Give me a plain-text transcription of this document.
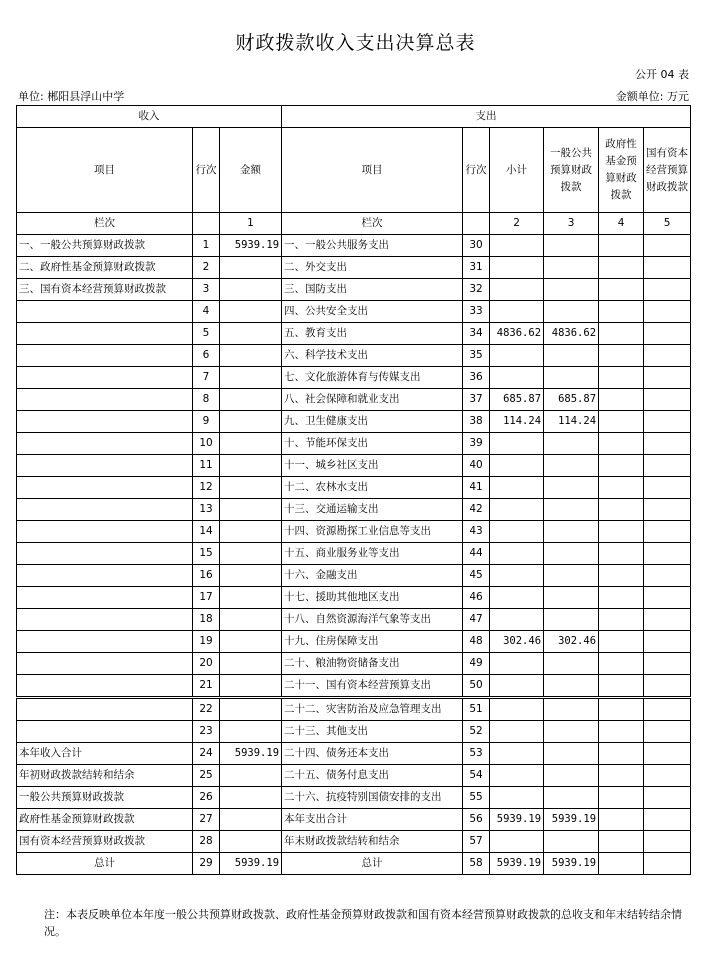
财政拨款收入支出决算总表
公开 04 表
单位: 郴阳县浮山中学	金额单位: 万元
收入			支出					
项目	行次	金额	项目	行次	小计	一般公共预算财政拨款	政府性基金预算财政拨款	国有资本经营预算财政拨款
栏次		1	栏次		2	3	4	5
一、一般公共预算财政拨款	1	5939.19	一、一般公共服务支出	30				
二、政府性基金预算财政拨款	2		二、外交支出	31				
三、国有资本经营预算财政拨款	3		三、国防支出	32				
	4		四、公共安全支出	33				
	5		五、教育支出	34	4836.62	4836.62		
	6		六、科学技术支出	35				
	7		七、文化旅游体育与传媒支出	36				
	8		八、社会保障和就业支出	37	685.87	685.87		
	9		九、卫生健康支出	38	114.24	114.24		
	10		十、节能环保支出	39				
	11		十一、城乡社区支出	40				
	12		十二、农林水支出	41				
	13		十三、交通运输支出	42				
	14		十四、资源勘探工业信息等支出	43				
	15		十五、商业服务业等支出	44				
	16		十六、金融支出	45				
	17		十七、援助其他地区支出	46				
	18		十八、自然资源海洋气象等支出	47				
	19		十九、住房保障支出	48	302.46	302.46		
	20		二十、粮油物资储备支出	49				
	21		二十一、国有资本经营预算支出	50				
	22		二十二、灾害防治及应急管理支出	51				
	23		二十三、其他支出	52				
本年收入合计	24	5939.19	二十四、债务还本支出	53				
年初财政拨款结转和结余	25		二十五、债务付息支出	54				
一般公共预算财政拨款	26		二十六、抗疫特别国债安排的支出	55				
政府性基金预算财政拨款	27		本年支出合计	56	5939.19	5939.19		
国有资本经营预算财政拨款	28		年末财政拨款结转和结余	57				
总计	29	5939.19	总计	58	5939.19	5939.19		
注：本表反映单位本年度一般公共预算财政拨款、政府性基金预算财政拨款和国有资本经营预算财政拨款的总收支和年末结转结余情况。
